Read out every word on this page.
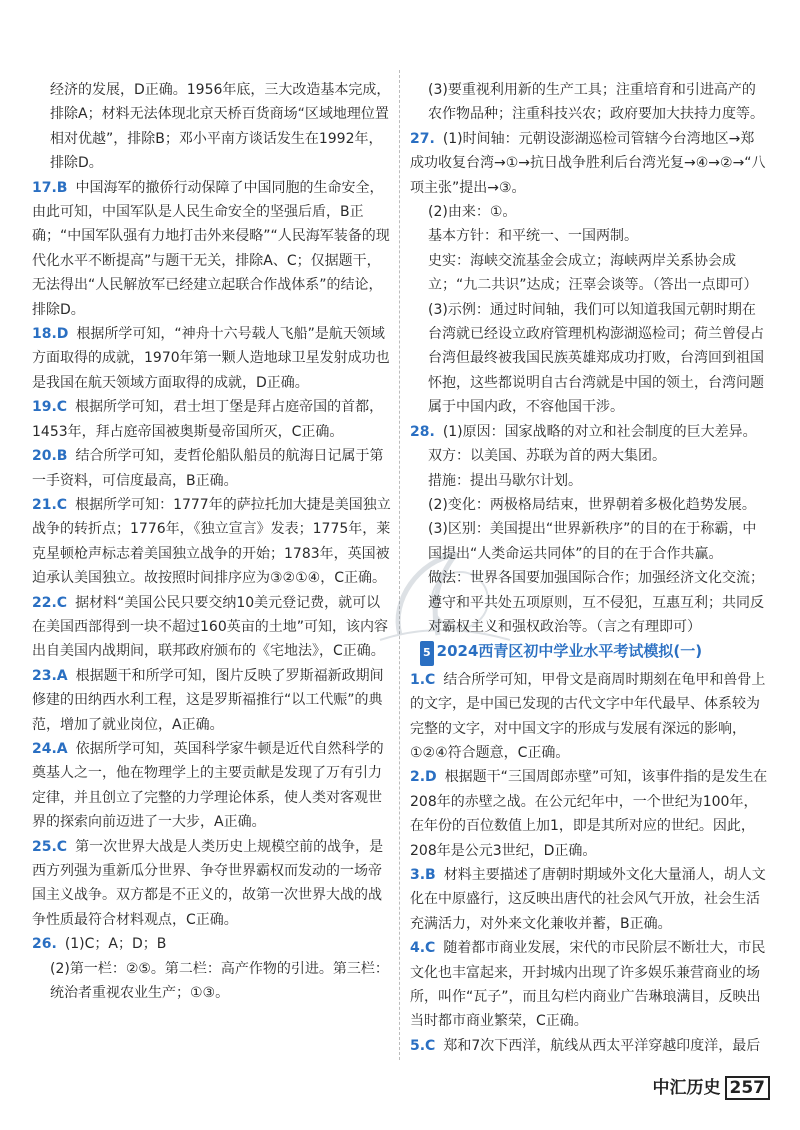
经济的发展，D正确。1956年底，三大改造基本完成，排除A；材料无法体现北京天桥百货商场“区域地理位置相对优越”，排除B；邓小平南方谈话发生在1992年，排除D。
17.B 中国海军的撤侨行动保障了中国同胞的生命安全，由此可知，中国军队是人民生命安全的坚强后盾，B正确；“中国军队强有力地打击外来侵略”“人民海军装备的现代化水平不断提高”与题干无关，排除A、C；仅据题干，无法得出“人民解放军已经建立起联合作战体系”的结论，排除D。
18.D 根据所学可知，“神舟十六号载人飞船”是航天领域方面取得的成就，1970年第一颗人造地球卫星发射成功也是我国在航天领域方面取得的成就，D正确。
19.C 根据所学可知，君士坦丁堡是拜占庭帝国的首都，1453年，拜占庭帝国被奥斯曼帝国所灭，C正确。
20.B 结合所学可知，麦哲伦船队船员的航海日记属于第一手资料，可信度最高，B正确。
21.C 根据所学可知：1777年的萨拉托加大捷是美国独立战争的转折点；1776年，《独立宣言》发表；1775年，莱克星顿枪声标志着美国独立战争的开始；1783年，英国被迫承认美国独立。故按照时间排序应为③②①④，C正确。
22.C 据材料“美国公民只要交纳10美元登记费，就可以在美国西部得到一块不超过160英亩的土地”可知，该内容出自美国内战期间，联邦政府颁布的《宅地法》，C正确。
23.A 根据题干和所学可知，图片反映了罗斯福新政期间修建的田纳西水利工程，这是罗斯福推行“以工代赈”的典范，增加了就业岗位，A正确。
24.A 依据所学可知，英国科学家牛顿是近代自然科学的奠基人之一，他在物理学上的主要贡献是发现了万有引力定律，并且创立了完整的力学理论体系，使人类对客观世界的探索向前迈进了一大步，A正确。
25.C 第一次世界大战是人类历史上规模空前的战争，是西方列强为重新瓜分世界、争夺世界霸权而发动的一场帝国主义战争。双方都是不正义的，故第一次世界大战的战争性质最符合材料观点，C正确。
26. (1)C；A；D；B
(2)第一栏：②⑤。第二栏：高产作物的引进。第三栏：统治者重视农业生产；①③。
(3)要重视利用新的生产工具；注重培育和引进高产的农作物品种；注重科技兴农；政府要加大扶持力度等。
27. (1)时间轴：元朝设澎湖巡检司管辖今台湾地区→郑成功收复台湾→①→抗日战争胜利后台湾光复→④→②→“八项主张”提出→③。
(2)由来：①。
基本方针：和平统一、一国两制。
史实：海峡交流基金会成立；海峡两岸关系协会成立；“九二共识”达成；汪辜会谈等。（答出一点即可）
(3)示例：通过时间轴，我们可以知道我国元朝时期在台湾就已经设立政府管理机构澎湖巡检司；荷兰曾侵占台湾但最终被我国民族英雄郑成功打败，台湾回到祖国怀抱，这些都说明自古台湾就是中国的领土，台湾问题属于中国内政，不容他国干涉。
28. (1)原因：国家战略的对立和社会制度的巨大差异。
双方：以美国、苏联为首的两大集团。
措施：提出马歇尔计划。
(2)变化：两极格局结束，世界朝着多极化趋势发展。
(3)区别：美国提出“世界新秩序”的目的在于称霸，中国提出“人类命运共同体”的目的在于合作共赢。
做法：世界各国要加强国际合作；加强经济文化交流；遵守和平共处五项原则，互不侵犯，互惠互利；共同反对霸权主义和强权政治等。（言之有理即可）
5 2024西青区初中学业水平考试模拟(一)
1.C 结合所学可知，甲骨文是商周时期刻在龟甲和兽骨上的文字，是中国已发现的古代文字中年代最早、体系较为完整的文字，对中国文字的形成与发展有深远的影响，①②④符合题意，C正确。
2.D 根据题干“三国周郎赤壁”可知，该事件指的是发生在208年的赤壁之战。在公元纪年中，一个世纪为100年，在年份的百位数值上加1，即是其所对应的世纪。因此，208年是公元3世纪，D正确。
3.B 材料主要描述了唐朝时期域外文化大量涌人，胡人文化在中原盛行，这反映出唐代的社会风气开放，社会生活充满活力，对外来文化兼收并蓄，B正确。
4.C 随着都市商业发展，宋代的市民阶层不断壮大，市民文化也丰富起来，开封城内出现了许多娱乐兼营商业的场所，叫作“瓦子”，而且勾栏内商业广告琳琅满目，反映出当时都市商业繁荣，C正确。
5.C 郑和7次下西洋，航线从西太平洋穿越印度洋，最后
中汇历史 257
